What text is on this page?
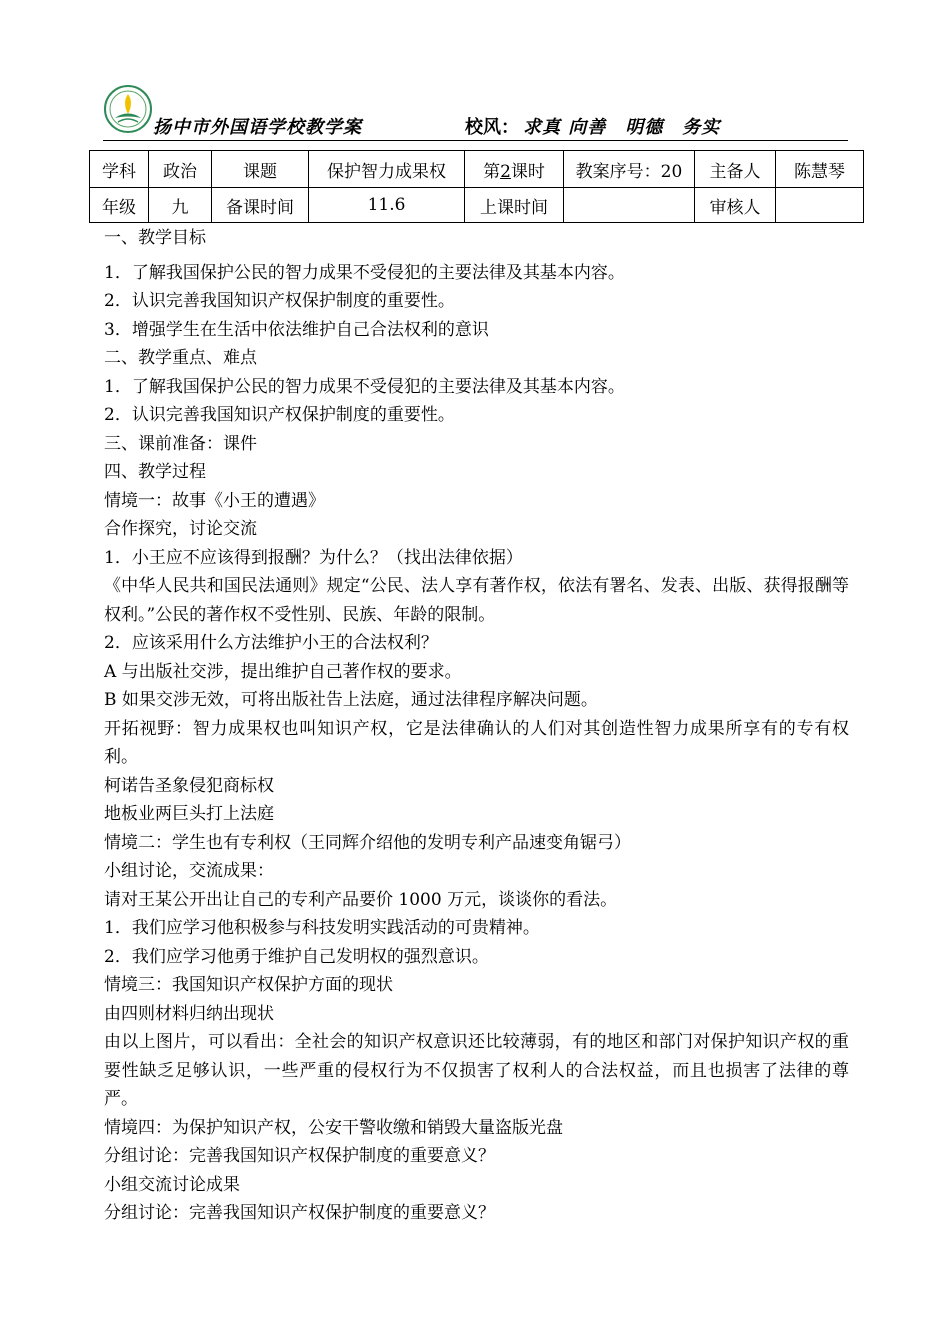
扬中市外国语学校教学案	校风： 求真 向善　明德　务实
学科	政治	课题	保护智力成果权	第2课时	教案序号：20	主备人	陈慧琴
年级	九	备课时间	11.6	上课时间		审核人	

一、教学目标

1．了解我国保护公民的智力成果不受侵犯的主要法律及其基本内容。

2．认识完善我国知识产权保护制度的重要性。

3．增强学生在生活中依法维护自己合法权利的意识

二、教学重点、难点

1．了解我国保护公民的智力成果不受侵犯的主要法律及其基本内容。

2．认识完善我国知识产权保护制度的重要性。

三、课前准备：课件

四、教学过程

情境一：故事《小王的遭遇》

合作探究，讨论交流

1．小王应不应该得到报酬？为什么？（找出法律依据）

《中华人民共和国民法通则》规定“公民、法人享有著作权，依法有署名、发表、出版、获得报酬等权利。”公民的著作权不受性别、民族、年龄的限制。

2．应该采用什么方法维护小王的合法权利？

A 与出版社交涉，提出维护自己著作权的要求。

B 如果交涉无效，可将出版社告上法庭，通过法律程序解决问题。

开拓视野：智力成果权也叫知识产权，它是法律确认的人们对其创造性智力成果所享有的专有权利。

柯诺告圣象侵犯商标权

地板业两巨头打上法庭

情境二：学生也有专利权（王同辉介绍他的发明专利产品速变角锯弓）

小组讨论，交流成果：

请对王某公开出让自己的专利产品要价 1000 万元，谈谈你的看法。

1．我们应学习他积极参与科技发明实践活动的可贵精神。

2．我们应学习他勇于维护自己发明权的强烈意识。

情境三：我国知识产权保护方面的现状

由四则材料归纳出现状

由以上图片，可以看出：全社会的知识产权意识还比较薄弱，有的地区和部门对保护知识产权的重要性缺乏足够认识，一些严重的侵权行为不仅损害了权利人的合法权益，而且也损害了法律的尊严。

情境四：为保护知识产权，公安干警收缴和销毁大量盗版光盘

分组讨论：完善我国知识产权保护制度的重要意义？

小组交流讨论成果

分组讨论：完善我国知识产权保护制度的重要意义？
